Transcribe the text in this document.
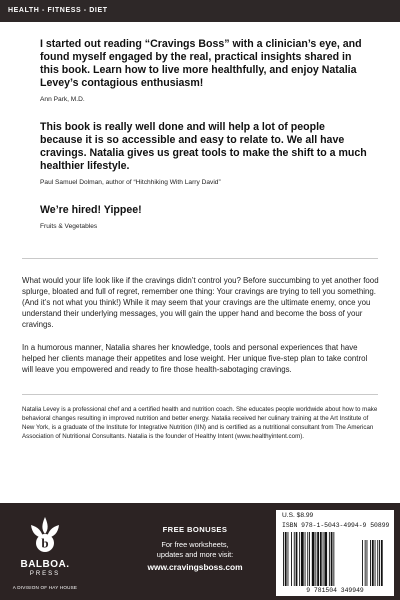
HEALTH - FITNESS - DIET

I started out reading “Cravings Boss” with a clinician’s eye, and found myself engaged by the real, practical insights shared in this book. Learn how to live more healthfully, and enjoy Natalia Levey’s contagious enthusiasm!

Ann Park, M.D.

This book is really well done and will help a lot of people because it is so accessible and easy to relate to. We all have cravings. Natalia gives us great tools to make the shift to a much healthier lifestyle.

Paul Samuel Dolman, author of “Hitchhiking With Larry David”

We’re hired! Yippee!

Fruits & Vegetables

What would your life look like if the cravings didn’t control you? Before succumbing to yet another food splurge, bloated and full of regret, remember one thing: Your cravings are trying to tell you something. (And it’s not what you think!) While it may seem that your cravings are the ultimate enemy, once you understand their underlying messages, you will gain the upper hand and become the boss of your cravings.

In a humorous manner, Natalia shares her knowledge, tools and personal experiences that have helped her clients manage their appetites and lose weight. Her unique five-step plan to take control will leave you empowered and ready to fire those health-sabotaging cravings.

Natalia Levey is a professional chef and a certified health and nutrition coach. She educates people worldwide about how to make behavioral changes resulting in improved nutrition and better energy. Natalia received her culinary training at the Art Institute of New York, is a graduate of the Institute for Integrative Nutrition (IIN) and is certified as a nutritional consultant from The American Association of Nutritional Consultants. Natalia is the founder of Healthy Intent (www.healthyintent.com).

b
BALBOA.
PRESS
A DIVISION OF HAY HOUSE

FREE BONUSES

For free worksheets,

updates and more visit:

www.cravingsboss.com

U.S. $8.99
ISBN 978-1-5043-4994-9 50899
9 781504 349949
